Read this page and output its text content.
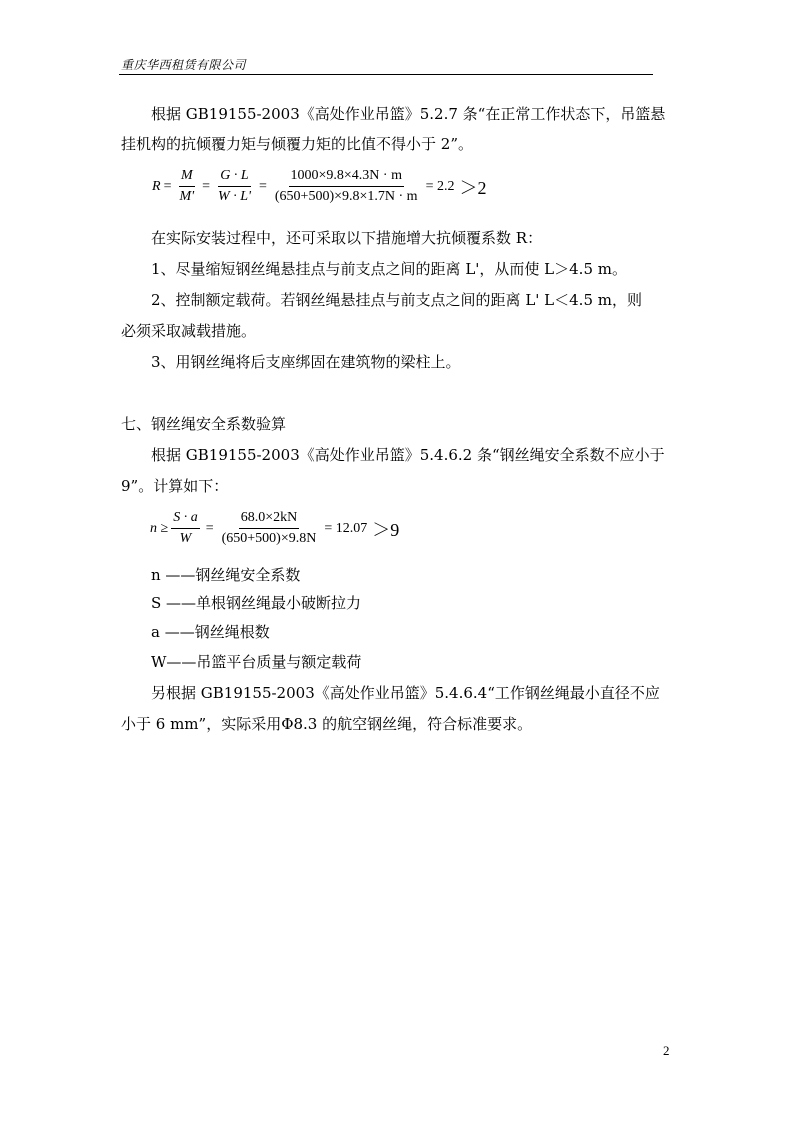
重庆华西租赁有限公司

根据 GB19155-2003《高处作业吊篮》5.2.7 条“在正常工作状态下，吊篮悬

挂机构的抗倾覆力矩与倾覆力矩的比值不得小于 2”。

$R = \frac{M}{M'} = \frac{G \cdot L}{W \cdot L'} = \frac{1000\times 9.8\times 4.3N \cdot m}{(650+500)\times 9.8\times 1.7N \cdot m} = 2.2 >2$

在实际安装过程中，还可采取以下措施增大抗倾覆系数 R：

1、尽量缩短钢丝绳悬挂点与前支点之间的距离 L'，从而使 L＞4.5 m。

2、控制额定载荷。若钢丝绳悬挂点与前支点之间的距离 L' L＜4.5 m，则

必须采取减载措施。

3、用钢丝绳将后支座绑固在建筑物的梁柱上。

七、钢丝绳安全系数验算

根据 GB19155-2003《高处作业吊篮》5.4.6.2 条“钢丝绳安全系数不应小于

9”。计算如下：

$n \ge \frac{S \cdot a}{W} = \frac{68.0\times 2kN}{(650+500)\times 9.8N} = 12.07 >9$

n ——钢丝绳安全系数

S ——单根钢丝绳最小破断拉力

a ——钢丝绳根数

W——吊篮平台质量与额定载荷

另根据 GB19155-2003《高处作业吊篮》5.4.6.4“工作钢丝绳最小直径不应

小于 6 mm”，实际采用Φ8.3 的航空钢丝绳，符合标准要求。

2
